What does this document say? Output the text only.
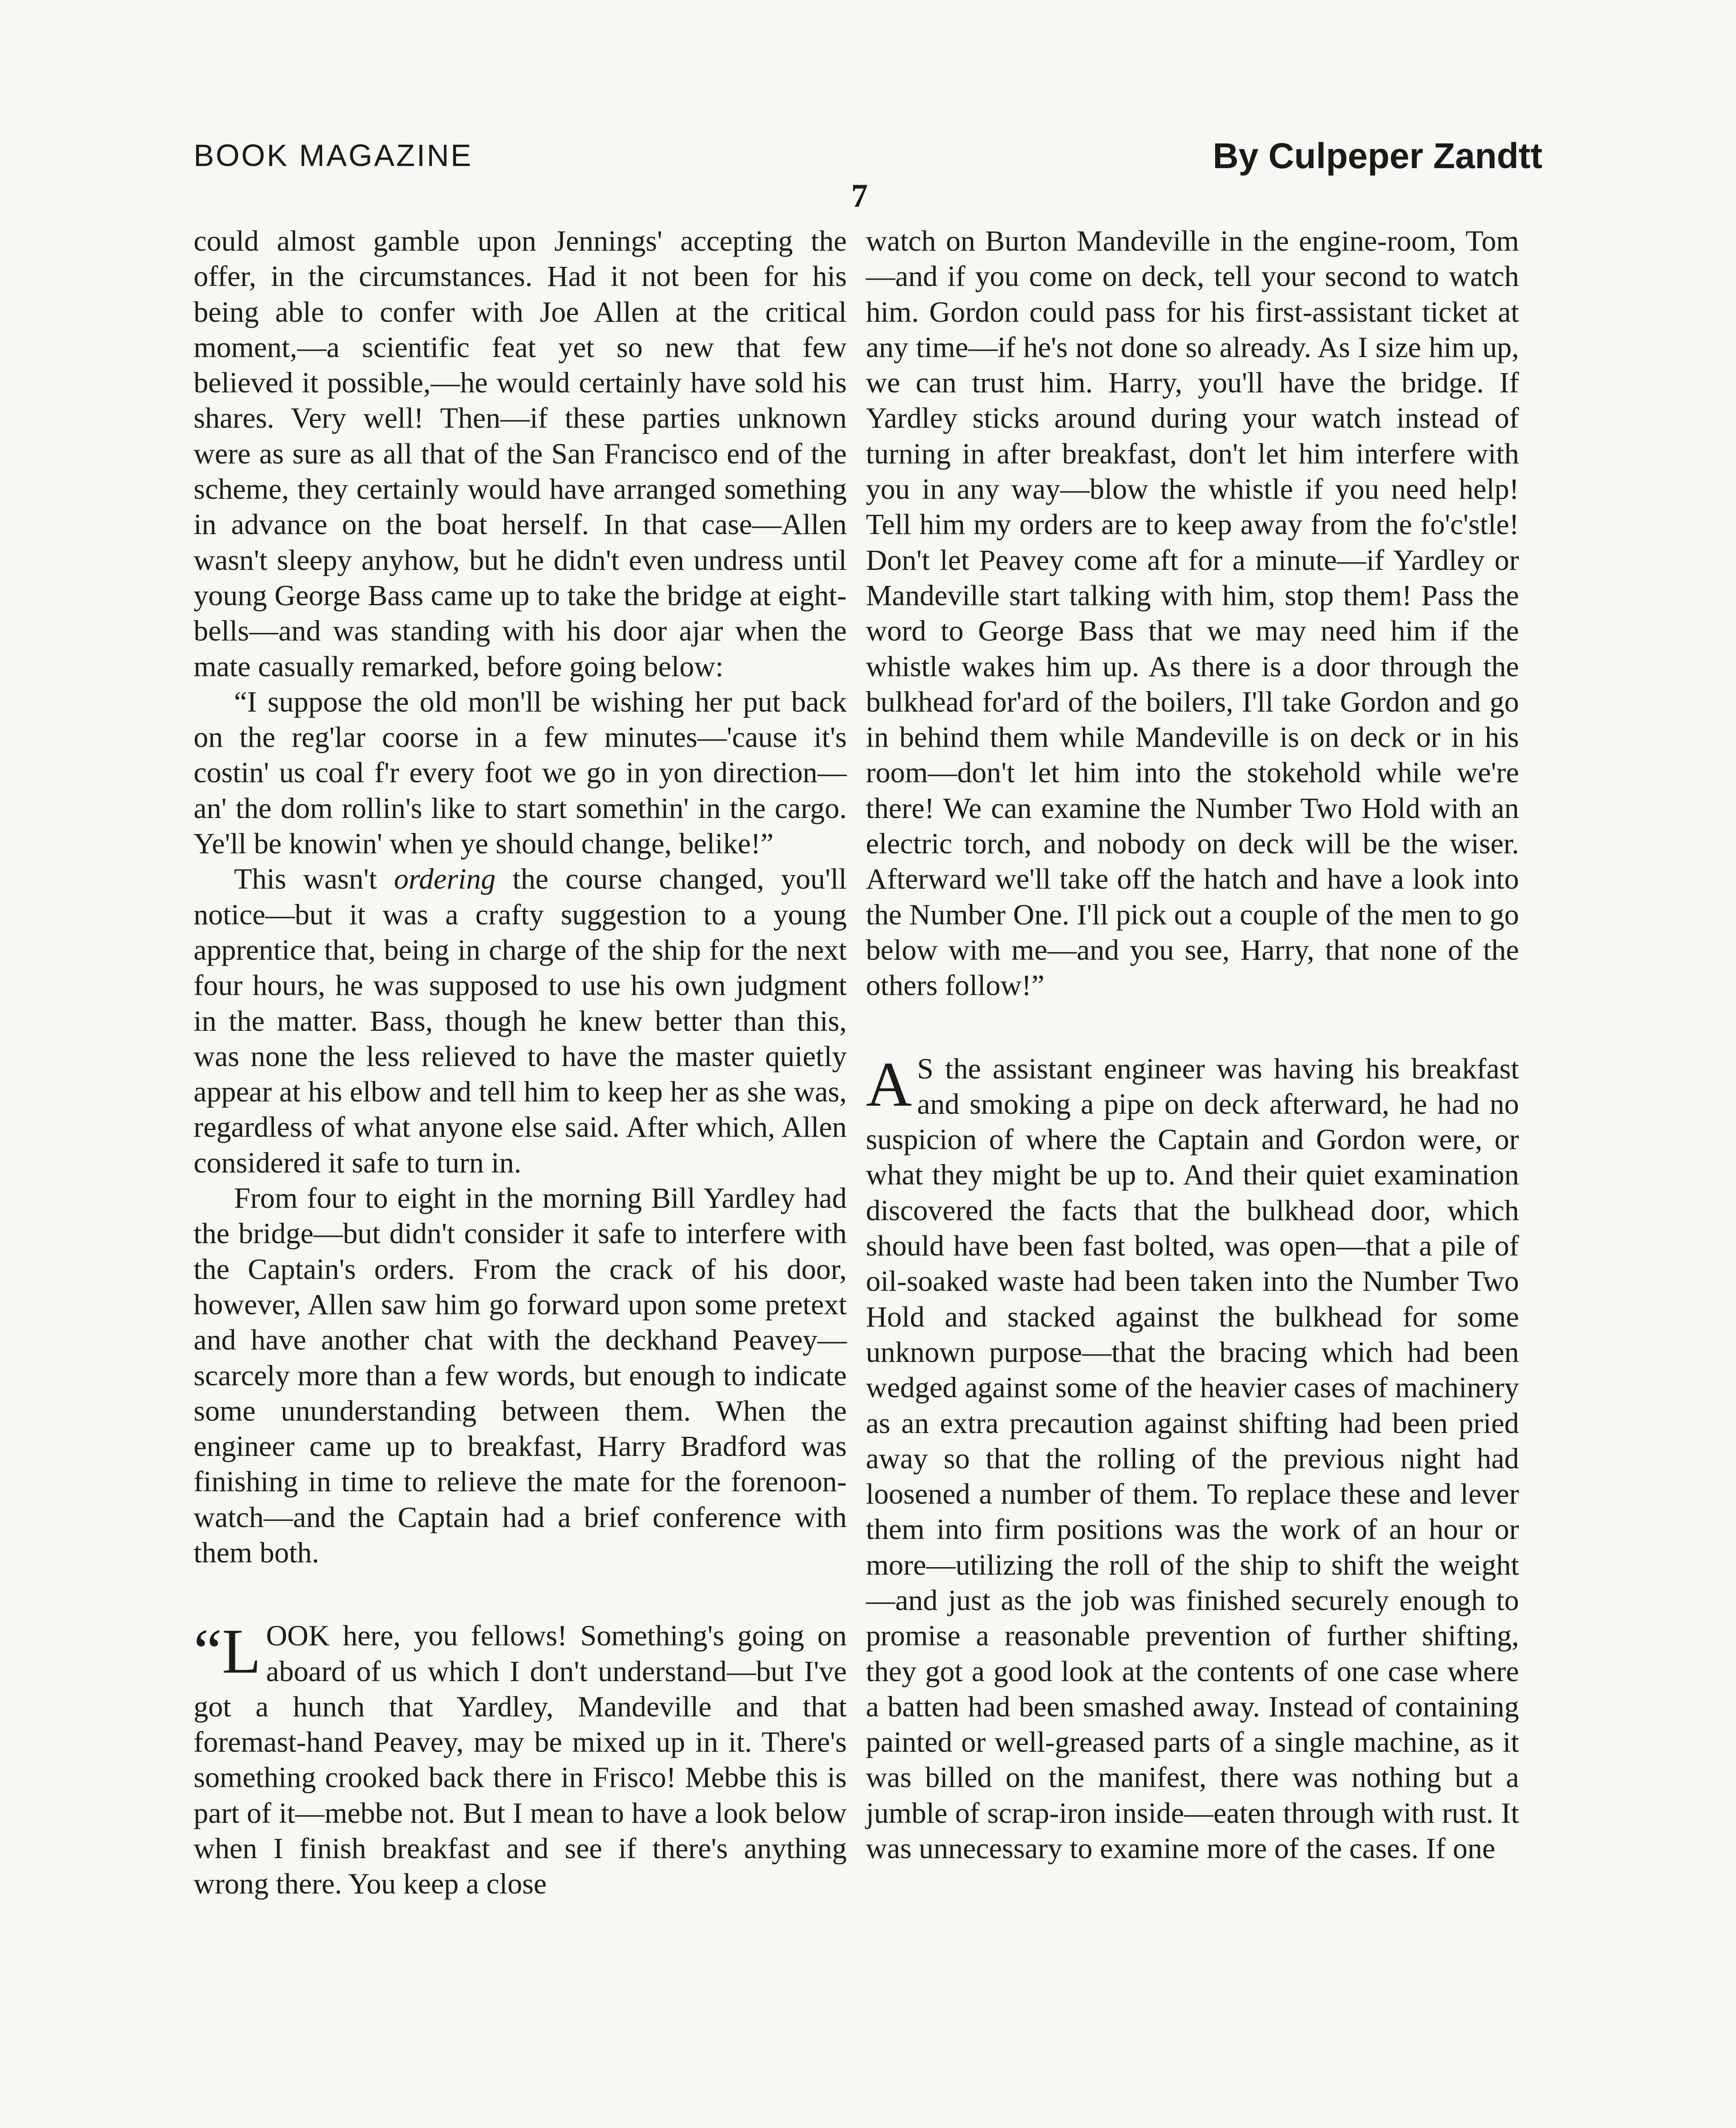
BOOK MAGAZINE	By Culpeper Zandtt
7

could almost gamble upon Jennings' accepting the offer, in the circumstances. Had it not been for his being able to confer with Joe Allen at the critical moment,—a scientific feat yet so new that few believed it possible,—he would certainly have sold his shares. Very well! Then—if these parties unknown were as sure as all that of the San Francisco end of the scheme, they certainly would have arranged something in advance on the boat herself. In that case—Allen wasn't sleepy anyhow, but he didn't even undress until young George Bass came up to take the bridge at eight-bells—and was standing with his door ajar when the mate casually remarked, before going below:

“I suppose the old mon'll be wishing her put back on the reg'lar coorse in a few minutes—'cause it's costin' us coal f'r every foot we go in yon direction—an' the dom rollin's like to start somethin' in the cargo. Ye'll be knowin' when ye should change, belike!”

This wasn't ordering the course changed, you'll notice—but it was a crafty suggestion to a young apprentice that, being in charge of the ship for the next four hours, he was supposed to use his own judgment in the matter. Bass, though he knew better than this, was none the less relieved to have the master quietly appear at his elbow and tell him to keep her as she was, regardless of what anyone else said. After which, Allen considered it safe to turn in.

From four to eight in the morning Bill Yardley had the bridge—but didn't consider it safe to interfere with the Captain's orders. From the crack of his door, however, Allen saw him go forward upon some pretext and have another chat with the deckhand Peavey—scarcely more than a few words, but enough to indicate some ununderstanding between them. When the engineer came up to breakfast, Harry Bradford was finishing in time to relieve the mate for the forenoon-watch—and the Captain had a brief conference with them both.

“ L OOK here, you fellows! Something's going on aboard of us which I don't understand—but I've got a hunch that Yardley, Mandeville and that foremast-hand Peavey, may be mixed up in it. There's something crooked back there in Frisco! Mebbe this is part of it—mebbe not. But I mean to have a look below when I finish breakfast and see if there's anything wrong there. You keep a close

watch on Burton Mandeville in the engine-room, Tom—and if you come on deck, tell your second to watch him. Gordon could pass for his first-assistant ticket at any time—if he's not done so already. As I size him up, we can trust him. Harry, you'll have the bridge. If Yardley sticks around during your watch instead of turning in after breakfast, don't let him interfere with you in any way—blow the whistle if you need help! Tell him my orders are to keep away from the fo'c'stle! Don't let Peavey come aft for a minute—if Yardley or Mandeville start talking with him, stop them! Pass the word to George Bass that we may need him if the whistle wakes him up. As there is a door through the bulkhead for'ard of the boilers, I'll take Gordon and go in behind them while Mandeville is on deck or in his room—don't let him into the stokehold while we're there! We can examine the Number Two Hold with an electric torch, and nobody on deck will be the wiser. Afterward we'll take off the hatch and have a look into the Number One. I'll pick out a couple of the men to go below with me—and you see, Harry, that none of the others follow!”

A S the assistant engineer was having his breakfast and smoking a pipe on deck afterward, he had no suspicion of where the Captain and Gordon were, or what they might be up to. And their quiet examination discovered the facts that the bulkhead door, which should have been fast bolted, was open—that a pile of oil-soaked waste had been taken into the Number Two Hold and stacked against the bulkhead for some unknown purpose—that the bracing which had been wedged against some of the heavier cases of machinery as an extra precaution against shifting had been pried away so that the rolling of the previous night had loosened a number of them. To replace these and lever them into firm positions was the work of an hour or more—utilizing the roll of the ship to shift the weight—and just as the job was finished securely enough to promise a reasonable prevention of further shifting, they got a good look at the contents of one case where a batten had been smashed away. Instead of containing painted or well-greased parts of a single machine, as it was billed on the manifest, there was nothing but a jumble of scrap-iron inside—eaten through with rust. It was unnecessary to examine more of the cases. If one
